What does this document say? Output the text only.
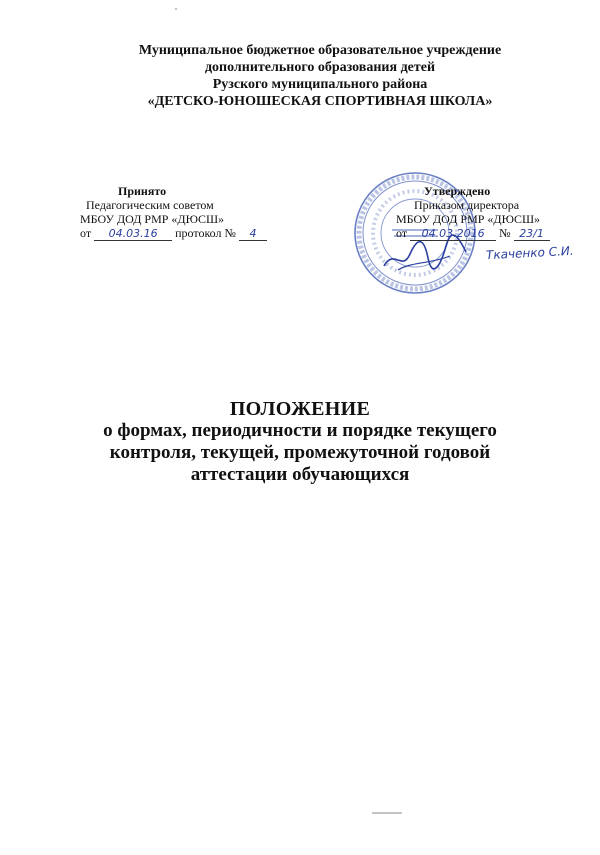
Муниципальное бюджетное образовательное учреждение
дополнительного образования детей
Рузского муниципального района
«ДЕТСКО-ЮНОШЕСКАЯ СПОРТИВНАЯ ШКОЛА»
Принято
Педагогическим советом
МБОУ ДОД РМР «ДЮСШ»
от 04.03.16 протокол № 4
Утверждено
Приказом директора
МБОУ ДОД РМР «ДЮСШ»
от 04.03.2016 № 23/1
Ткаченко С.И.
ПОЛОЖЕНИЕ
о формах, периодичности и порядке текущего
контроля, текущей, промежуточной годовой
аттестации обучающихся
